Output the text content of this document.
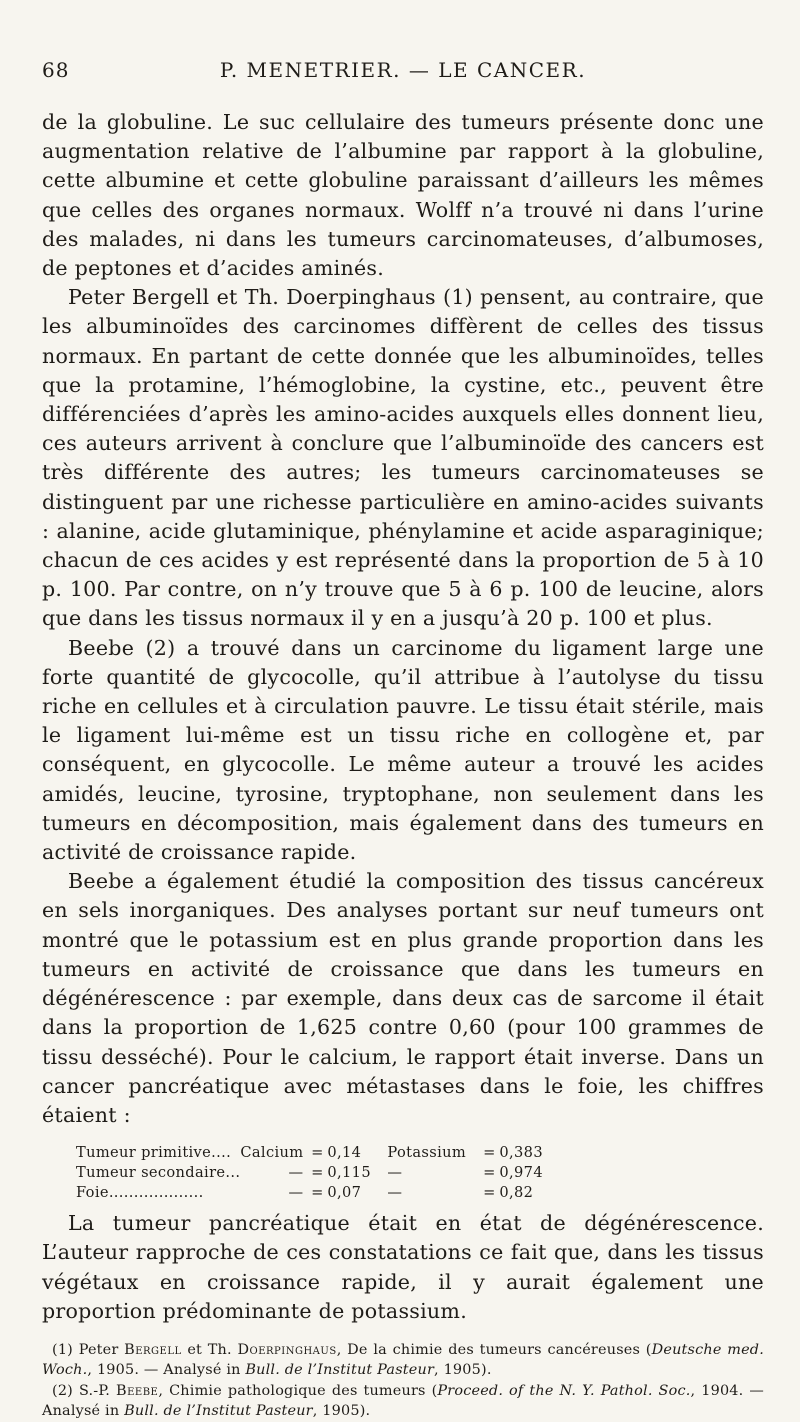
68	P. MENETRIER. — LE CANCER.

de la globuline. Le suc cellulaire des tumeurs présente donc une augmentation relative de l’albumine par rapport à la globuline, cette albumine et cette globuline paraissant d’ailleurs les mêmes que celles des organes normaux. Wolff n’a trouvé ni dans l’urine des malades, ni dans les tumeurs carcinomateuses, d’albumoses, de peptones et d’acides aminés.

Peter Bergell et Th. Doerpinghaus (1) pensent, au contraire, que les albuminoïdes des carcinomes diffèrent de celles des tissus normaux. En partant de cette donnée que les albuminoïdes, telles que la protamine, l’hémoglobine, la cystine, etc., peuvent être différenciées d’après les amino-acides auxquels elles donnent lieu, ces auteurs arrivent à conclure que l’albuminoïde des cancers est très différente des autres; les tumeurs carcinomateuses se distinguent par une richesse particulière en amino-acides suivants : alanine, acide glutaminique, phénylamine et acide asparaginique; chacun de ces acides y est représenté dans la proportion de 5 à 10 p. 100. Par contre, on n’y trouve que 5 à 6 p. 100 de leucine, alors que dans les tissus normaux il y en a jusqu’à 20 p. 100 et plus.

Beebe (2) a trouvé dans un carcinome du ligament large une forte quantité de glycocolle, qu’il attribue à l’autolyse du tissu riche en cellules et à circulation pauvre. Le tissu était stérile, mais le ligament lui-même est un tissu riche en collogène et, par conséquent, en glycocolle. Le même auteur a trouvé les acides amidés, leucine, tyrosine, tryptophane, non seulement dans les tumeurs en décomposition, mais également dans des tumeurs en activité de croissance rapide.

Beebe a également étudié la composition des tissus cancéreux en sels inorganiques. Des analyses portant sur neuf tumeurs ont montré que le potassium est en plus grande proportion dans les tumeurs en activité de croissance que dans les tumeurs en dégénérescence : par exemple, dans deux cas de sarcome il était dans la proportion de 1,625 contre 0,60 (pour 100 grammes de tissu desséché). Pour le calcium, le rapport était inverse. Dans un cancer pancréatique avec métastases dans le foie, les chiffres étaient :

Tumeur primitive....	Calcium	=	0,14	Potassium	=	0,383
Tumeur secondaire...	—	=	0,115	—	=	0,974
Foie...................	—	=	0,07	—	=	0,82

La tumeur pancréatique était en état de dégénérescence. L’auteur rapproche de ces constatations ce fait que, dans les tissus végétaux en croissance rapide, il y aurait également une proportion prédominante de potassium.

(1) Peter Bergell et Th. Doerpinghaus, De la chimie des tumeurs cancéreuses (Deutsche med. Woch., 1905. — Analysé in Bull. de l’Institut Pasteur, 1905).

(2) S.-P. Beebe, Chimie pathologique des tumeurs (Proceed. of the N. Y. Pathol. Soc., 1904. — Analysé in Bull. de l’Institut Pasteur, 1905).
